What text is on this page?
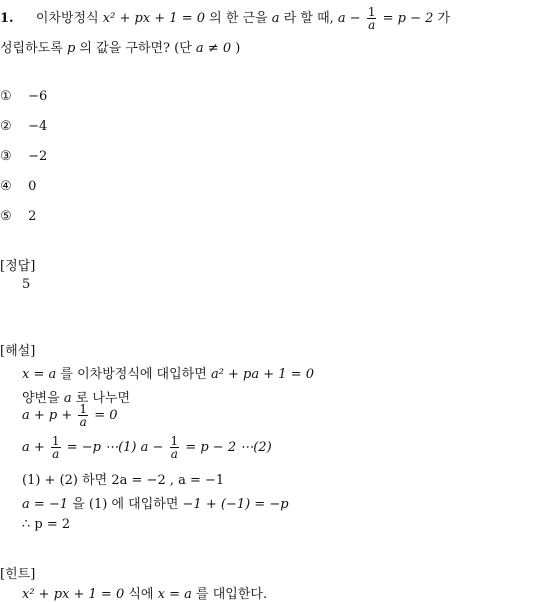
1. 이차방정식 x² + px + 1 = 0 의 한 근을 a 라 할 때, $a - \frac{1}{a} = p - 2$ 가
성립하도록 p 의 값을 구하면? (단 a ≠ 0 )
① −6
② −4
③ −2
④ 0
⑤ 2
[정답]
5
[해설]
x = a 를 이차방정식에 대입하면 a² + pa + 1 = 0
양변을 a 로 나누면
$a + p + \frac{1}{a} = 0$
$a + \frac{1}{a} = -p$ ⋯(1) $a - \frac{1}{a} = p - 2$ ⋯(2)
(1) + (2) 하면 2a = −2 , a = −1
a = −1 을 (1) 에 대입하면 −1 + (−1) = −p
∴ p = 2
[힌트]
x² + px + 1 = 0 식에 x = a 를 대입한다.
